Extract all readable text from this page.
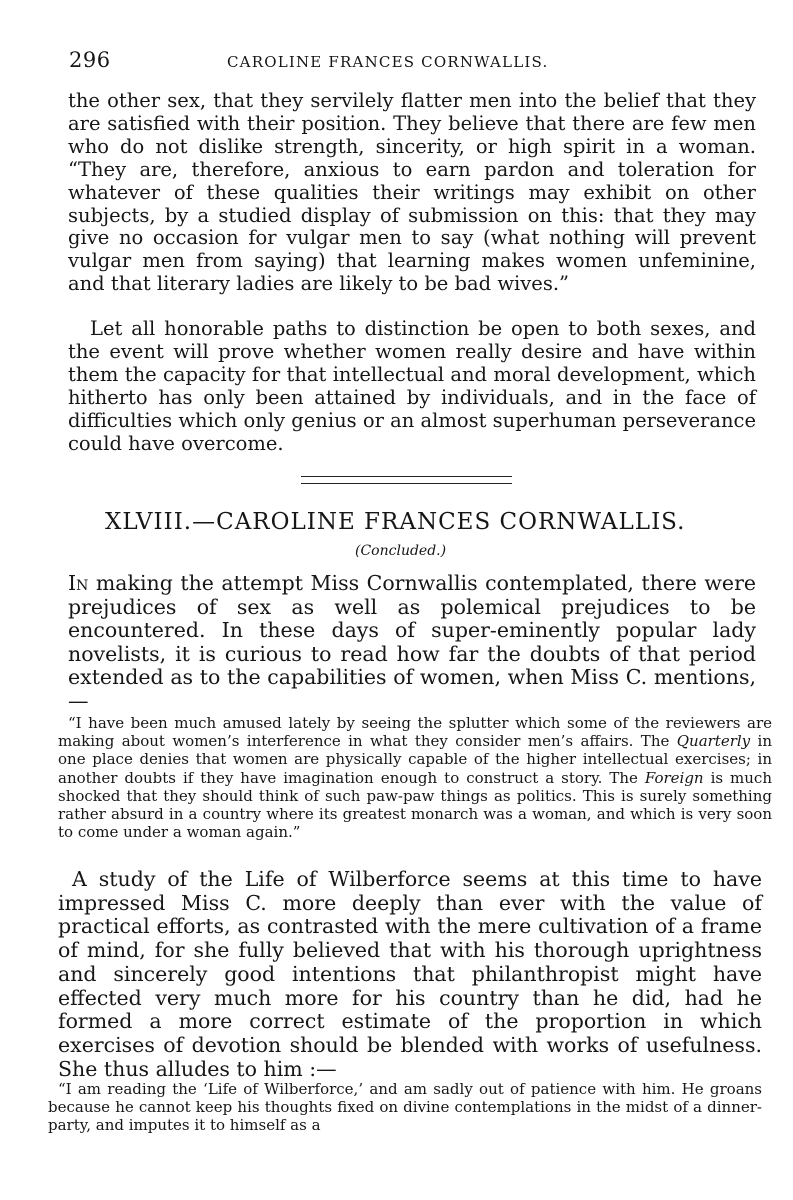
296	CAROLINE FRANCES CORNWALLIS.

the other sex, that they servilely flatter men into the belief that they are satisfied with their position. They believe that there are few men who do not dislike strength, sincerity, or high spirit in a woman. “They are, therefore, anxious to earn pardon and toleration for whatever of these qualities their writings may exhibit on other subjects, by a studied display of submission on this: that they may give no occasion for vulgar men to say (what nothing will prevent vulgar men from saying) that learning makes women unfeminine, and that literary ladies are likely to be bad wives.”

Let all honorable paths to distinction be open to both sexes, and the event will prove whether women really desire and have within them the capacity for that intellectual and moral development, which hitherto has only been attained by individuals, and in the face of difficulties which only genius or an almost superhuman perseverance could have overcome.

XLVIII.—CAROLINE FRANCES CORNWALLIS.
(Concluded.)

In making the attempt Miss Cornwallis contemplated, there were prejudices of sex as well as polemical prejudices to be encountered. In these days of super-eminently popular lady novelists, it is curious to read how far the doubts of that period extended as to the capabilities of women, when Miss C. mentions,—

“I have been much amused lately by seeing the splutter which some of the reviewers are making about women’s interference in what they consider men’s affairs. The Quarterly in one place denies that women are physically capable of the higher intellectual exercises; in another doubts if they have imagination enough to construct a story. The Foreign is much shocked that they should think of such paw-paw things as politics. This is surely something rather absurd in a country where its greatest monarch was a woman, and which is very soon to come under a woman again.”

A study of the Life of Wilberforce seems at this time to have impressed Miss C. more deeply than ever with the value of practical efforts, as contrasted with the mere cultivation of a frame of mind, for she fully believed that with his thorough uprightness and sincerely good intentions that philanthropist might have effected very much more for his country than he did, had he formed a more correct estimate of the proportion in which exercises of devotion should be blended with works of usefulness. She thus alludes to him :—

“I am reading the ‘Life of Wilberforce,’ and am sadly out of patience with him. He groans because he cannot keep his thoughts fixed on divine contemplations in the midst of a dinner-party, and imputes it to himself as a
